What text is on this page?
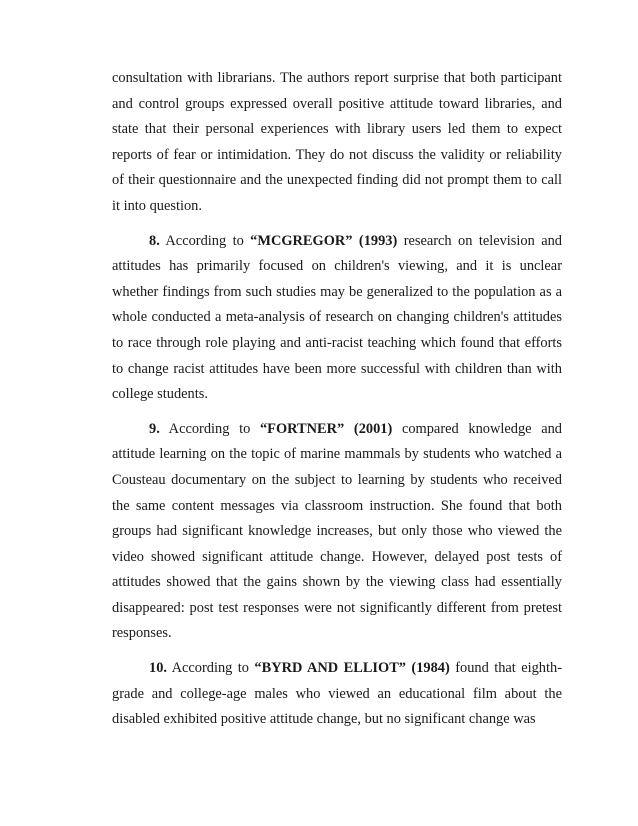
consultation with librarians. The authors report surprise that both participant and control groups expressed overall positive attitude toward libraries, and state that their personal experiences with library users led them to expect reports of fear or intimidation. They do not discuss the validity or reliability of their questionnaire and the unexpected finding did not prompt them to call it into question.

8. According to “MCGREGOR” (1993) research on television and attitudes has primarily focused on children's viewing, and it is unclear whether findings from such studies may be generalized to the population as a whole conducted a meta-analysis of research on changing children's attitudes to race through role playing and anti-racist teaching which found that efforts to change racist attitudes have been more successful with children than with college students.

9. According to “FORTNER” (2001) compared knowledge and attitude learning on the topic of marine mammals by students who watched a Cousteau documentary on the subject to learning by students who received the same content messages via classroom instruction. She found that both groups had significant knowledge increases, but only those who viewed the video showed significant attitude change. However, delayed post tests of attitudes showed that the gains shown by the viewing class had essentially disappeared: post test responses were not significantly different from pretest responses.

10. According to “BYRD AND ELLIOT” (1984) found that eighth-grade and college-age males who viewed an educational film about the disabled exhibited positive attitude change, but no significant change was
